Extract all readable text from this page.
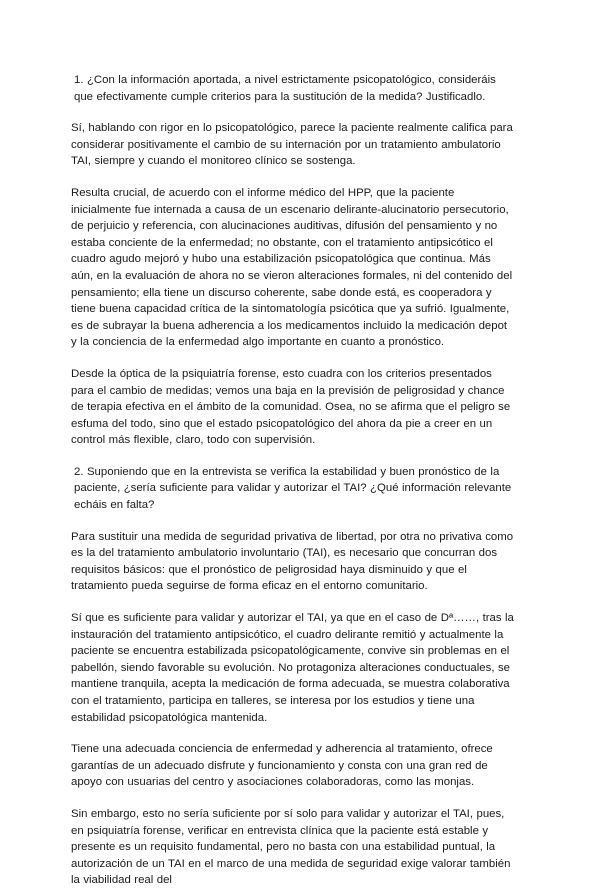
1. ¿Con la información aportada, a nivel estrictamente psicopatológico, consideráis que efectivamente cumple criterios para la sustitución de la medida? Justificadlo.

Sí, hablando con rigor en lo psicopatológico, parece la paciente realmente califica para considerar positivamente el cambio de su internación por un tratamiento ambulatorio TAI, siempre y cuando el monitoreo clínico se sostenga.

Resulta crucial, de acuerdo con el informe médico del HPP, que la paciente inicialmente fue internada a causa de un escenario delirante-alucinatorio persecutorio, de perjuicio y referencia, con alucinaciones auditivas, difusión del pensamiento y no estaba conciente de la enfermedad; no obstante, con el tratamiento antipsicótico el cuadro agudo mejoró y hubo una estabilización psicopatológica que continua. Más aún, en la evaluación de ahora no se vieron alteraciones formales, ni del contenido del pensamiento; ella tiene un discurso coherente, sabe donde está, es cooperadora y tiene buena capacidad crítica de la sintomatología psicótica que ya sufrió. Igualmente, es de subrayar la buena adherencia a los medicamentos incluido la medicación depot y la conciencia de la enfermedad algo importante en cuanto a pronóstico.

Desde la óptica de la psiquiatría forense, esto cuadra con los criterios presentados para el cambio de medidas; vemos una baja en la previsión de peligrosidad y chance de terapia efectiva en el ámbito de la comunidad. Osea, no se afirma que el peligro se esfuma del todo, sino que el estado psicopatológico del ahora da pie a creer en un control más flexible, claro, todo con supervisión.

2. Suponiendo que en la entrevista se verifica la estabilidad y buen pronóstico de la paciente, ¿sería suficiente para validar y autorizar el TAI? ¿Qué información relevante echáis en falta?

Para sustituir una medida de seguridad privativa de libertad, por otra no privativa como es la del tratamiento ambulatorio involuntario (TAI), es necesario que concurran dos requisitos básicos: que el pronóstico de peligrosidad haya disminuido y que el tratamiento pueda seguirse de forma eficaz en el entorno comunitario.

Sí que es suficiente para validar y autorizar el TAI, ya que en el caso de Dª……, tras la instauración del tratamiento antipsicótico, el cuadro delirante remitió y actualmente la paciente se encuentra estabilizada psicopatológicamente, convive sin problemas en el pabellón, siendo favorable su evolución. No protagoniza alteraciones conductuales, se mantiene tranquila, acepta la medicación de forma adecuada, se muestra colaborativa con el tratamiento, participa en talleres, se interesa por los estudios y tiene una estabilidad psicopatológica mantenida.

Tiene una adecuada conciencia de enfermedad y adherencia al tratamiento, ofrece garantías de un adecuado disfrute y funcionamiento y consta con una gran red de apoyo con usuarias del centro y asociaciones colaboradoras, como las monjas.

Sin embargo, esto no sería suficiente por sí solo para validar y autorizar el TAI, pues, en psiquiatría forense, verificar en entrevista clínica que la paciente está estable y presente es un requisito fundamental, pero no basta con una estabilidad puntual, la autorización de un TAI en el marco de una medida de seguridad exige valorar también la viabilidad real del
